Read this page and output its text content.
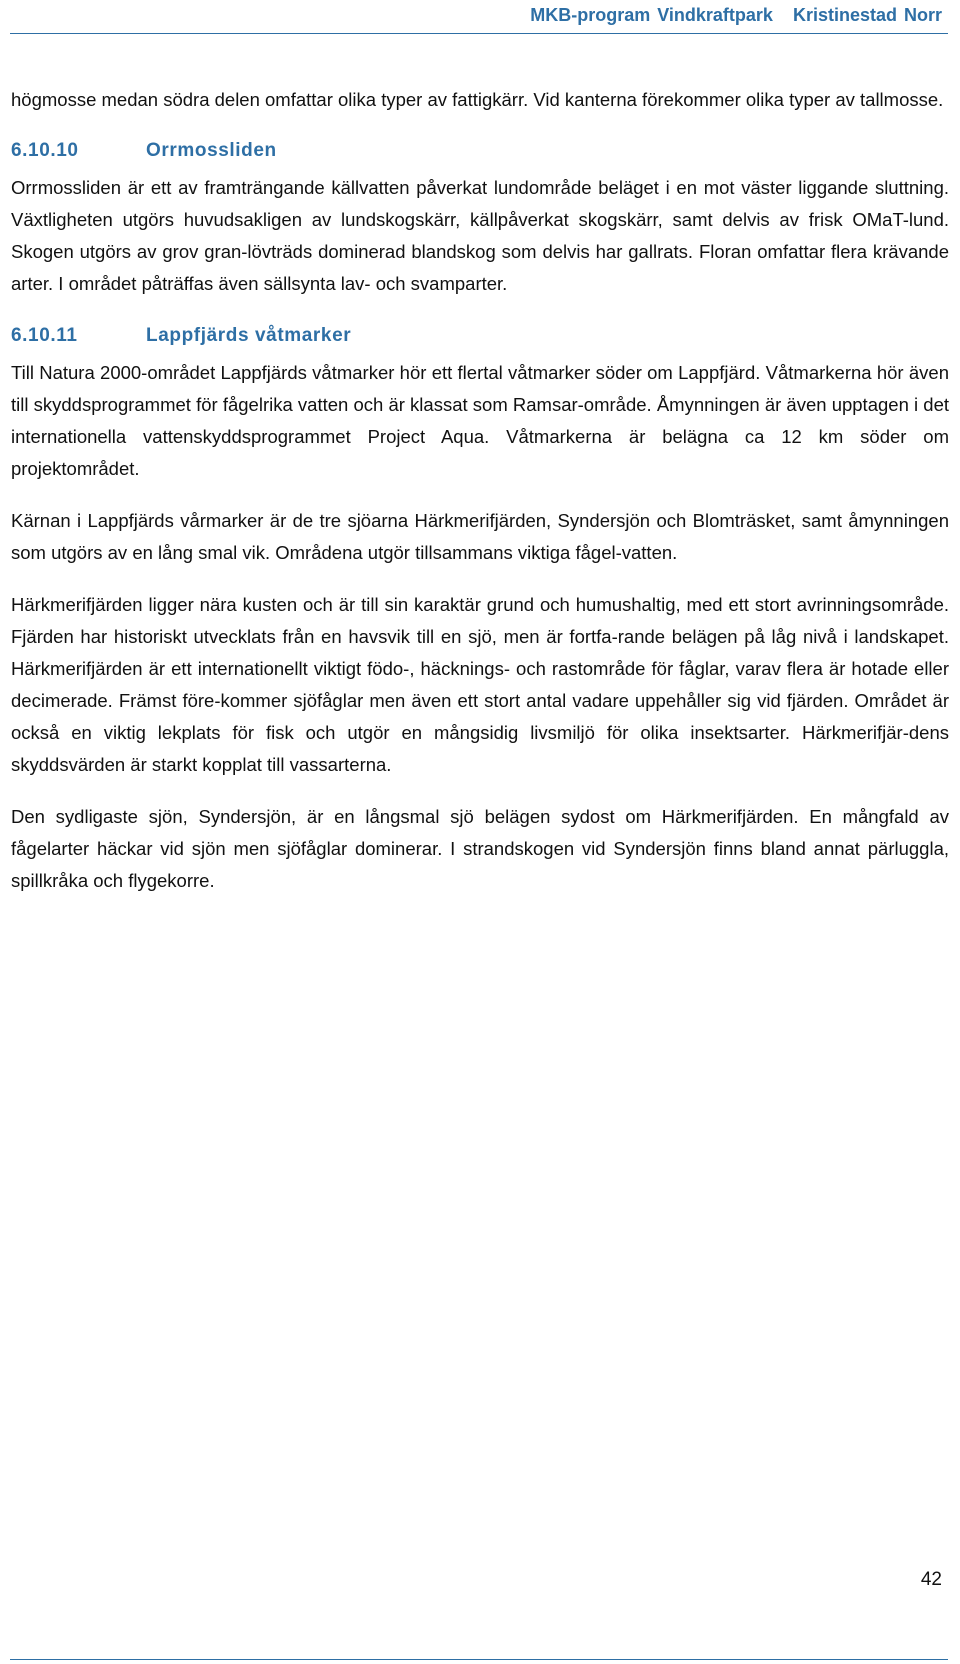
MKB-program Vindkraftpark Kristinestad Norr

högmosse medan södra delen omfattar olika typer av fattigkärr. Vid kanterna förekommer olika typer av tallmosse.

6.10.10	Orrmossliden

Orrmossliden är ett av framträngande källvatten påverkat lundområde beläget i en mot väster liggande sluttning. Växtligheten utgörs huvudsakligen av lundskogskärr, källpåverkat skogskärr, samt delvis av frisk OMaT-lund. Skogen utgörs av grov gran-lövträds dominerad blandskog som delvis har gallrats. Floran omfattar flera krävande arter. I området påträffas även sällsynta lav- och svamparter.

6.10.11	Lappfjärds våtmarker

Till Natura 2000-området Lappfjärds våtmarker hör ett flertal våtmarker söder om Lappfjärd. Våtmarkerna hör även till skyddsprogrammet för fågelrika vatten och är klassat som Ramsar-område. Åmynningen är även upptagen i det internationella vattenskyddsprogrammet Project Aqua. Våtmarkerna är belägna ca 12 km söder om projektområdet.

Kärnan i Lappfjärds vårmarker är de tre sjöarna Härkmerifjärden, Syndersjön och Blomträsket, samt åmynningen som utgörs av en lång smal vik. Områdena utgör tillsammans viktiga fågel-vatten.

Härkmerifjärden ligger nära kusten och är till sin karaktär grund och humushaltig, med ett stort avrinningsområde. Fjärden har historiskt utvecklats från en havsvik till en sjö, men är fortfa-rande belägen på låg nivå i landskapet. Härkmerifjärden är ett internationellt viktigt födo-, häcknings- och rastområde för fåglar, varav flera är hotade eller decimerade. Främst före-kommer sjöfåglar men även ett stort antal vadare uppehåller sig vid fjärden. Området är också en viktig lekplats för fisk och utgör en mångsidig livsmiljö för olika insektsarter. Härkmerifjär-dens skyddsvärden är starkt kopplat till vassarterna.

Den sydligaste sjön, Syndersjön, är en långsmal sjö belägen sydost om Härkmerifjärden. En mångfald av fågelarter häckar vid sjön men sjöfåglar dominerar. I strandskogen vid Syndersjön finns bland annat pärluggla, spillkråka och flygekorre.

42
